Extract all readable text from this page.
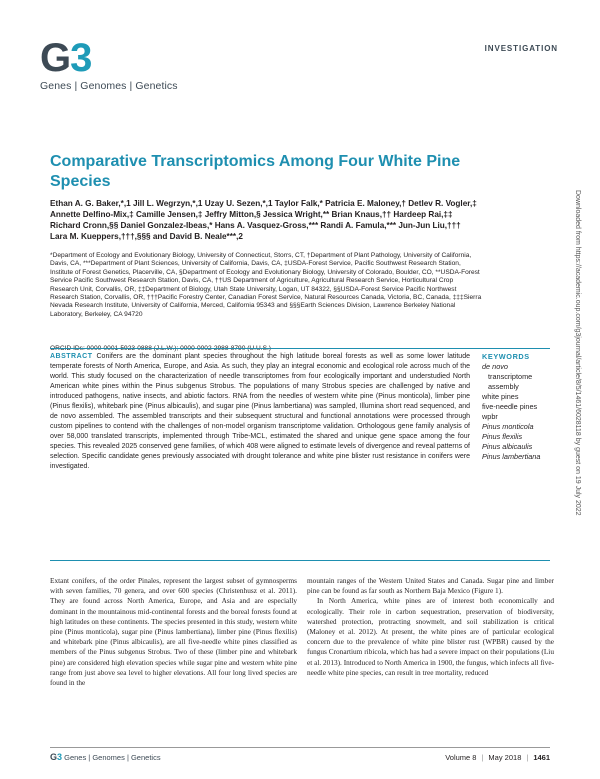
G3
Genes | Genomes | Genetics
INVESTIGATION
Comparative Transcriptomics Among Four White Pine Species
Ethan A. G. Baker,*,1 Jill L. Wegrzyn,*,1 Uzay U. Sezen,*,1 Taylor Falk,* Patricia E. Maloney,† Detlev R. Vogler,‡ Annette Delfino-Mix,‡ Camille Jensen,‡ Jeffry Mitton,§ Jessica Wright,** Brian Knaus,†† Hardeep Rai,‡‡ Richard Cronn,§§ Daniel Gonzalez-Ibeas,* Hans A. Vasquez-Gross,*** Randi A. Famula,*** Jun-Jun Liu,††† Lara M. Kueppers,†††,§§§ and David B. Neale***,2
*Department of Ecology and Evolutionary Biology, University of Connecticut, Storrs, CT, †Department of Plant Pathology, University of California, Davis, CA, ***Department of Plant Sciences, University of California, Davis, CA, ‡USDA-Forest Service, Pacific Southwest Research Station, Institute of Forest Genetics, Placerville, CA, §Department of Ecology and Evolutionary Biology, University of Colorado, Boulder, CO, **USDA-Forest Service Pacific Southwest Research Station, Davis, CA, ††US Department of Agriculture, Agricultural Research Service, Horticultural Crop Research Unit, Corvallis, OR, ‡‡Department of Biology, Utah State University, Logan, UT 84322, §§USDA-Forest Service Pacific Northwest Research Station, Corvallis, OR, †††Pacific Forestry Center, Canadian Forest Service, Natural Resources Canada, Victoria, BC, Canada, ‡‡‡Sierra Nevada Research Institute, University of California, Merced, California 95343 and §§§Earth Sciences Division, Lawrence Berkeley National Laboratory, Berkeley, CA 94720
ORCID IDs: 0000-0001-5923-0888 (J.L.W.); 0000-0002-2988-8790 (U.U.S.)
ABSTRACT Conifers are the dominant plant species throughout the high latitude boreal forests as well as some lower latitude temperate forests of North America, Europe, and Asia. As such, they play an integral economic and ecological role across much of the world. This study focused on the characterization of needle transcriptomes from four ecologically important and understudied North American white pines within the Pinus subgenus Strobus. The populations of many Strobus species are challenged by native and introduced pathogens, native insects, and abiotic factors. RNA from the needles of western white pine (Pinus monticola), limber pine (Pinus flexilis), whitebark pine (Pinus albicaulis), and sugar pine (Pinus lambertiana) was sampled, Illumina short read sequenced, and de novo assembled. The assembled transcripts and their subsequent structural and functional annotations were processed through custom pipelines to contend with the challenges of non-model organism transcriptome validation. Orthologous gene family analysis of over 58,000 translated transcripts, implemented through Tribe-MCL, estimated the shared and unique gene space among the four species. This revealed 2025 conserved gene families, of which 408 were aligned to estimate levels of divergence and reveal patterns of selection. Specific candidate genes previously associated with drought tolerance and white pine blister rust resistance in conifers were investigated.
KEYWORDS
de novo
transcriptome
assembly
white pines
five-needle pines
wpbr
Pinus monticola
Pinus flexilis
Pinus albicaulis
Pinus lambertiana

Extant conifers, of the order Pinales, represent the largest subset of gymnosperms with seven families, 70 genera, and over 600 species (Christenhusz et al. 2011). They are found across North America, Europe, and Asia and are especially dominant in the mountainous mid-continental forests and the boreal forests found at high latitudes on these continents. The species presented in this study, western white pine (Pinus monticola), sugar pine (Pinus lambertiana), limber pine (Pinus flexilis) and whitebark pine (Pinus albicaulis), are all five-needle white pines classified as members of the Pinus subgenus Strobus. Two of these (limber pine and whitebark pine) are considered high elevation species while sugar pine and western white pine range from just above sea level to higher elevations. All four long lived species are found in the

mountain ranges of the Western United States and Canada. Sugar pine and limber pine can be found as far south as Northern Baja Mexico (Figure 1).

In North America, white pines are of interest both economically and ecologically. Their role in carbon sequestration, preservation of biodiversity, watershed protection, protracting snowmelt, and soil stabilization is critical (Maloney et al. 2012). At present, the white pines are of particular ecological concern due to the prevalence of white pine blister rust (WPBR) caused by the fungus Cronartium ribicola, which has had a severe impact on their populations (Liu et al. 2013). Introduced to North America in 1900, the fungus, which infects all five-needle white pine species, can result in tree mortality, reduced

Downloaded from https://academic.oup.com/g3journal/article/8/5/1461/6028118 by guest on 19 July 2022
G3 Genes | Genomes | Genetics	Volume 8 | May 2018 | 1461
